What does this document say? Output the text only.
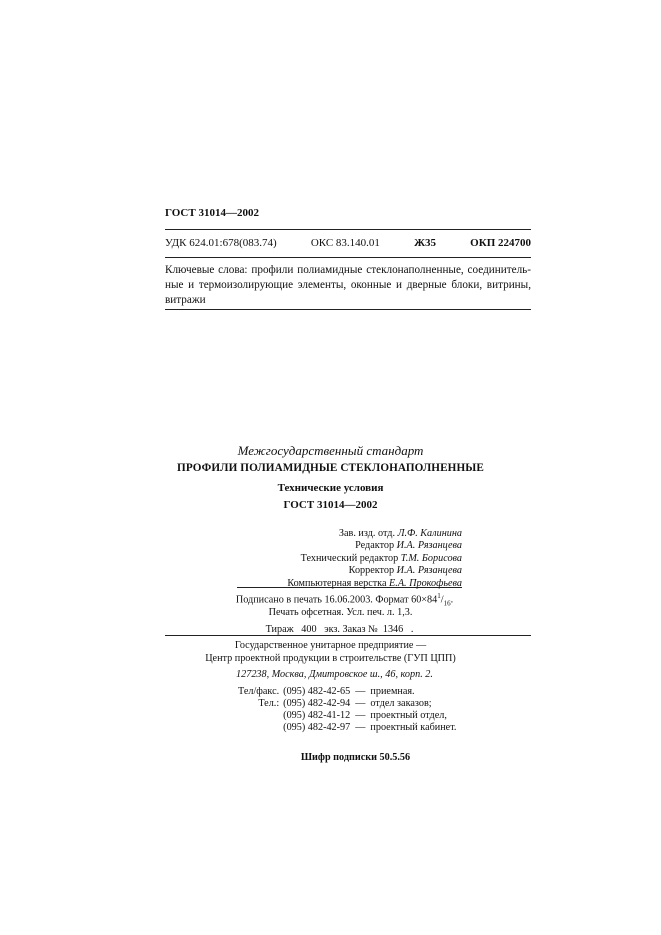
ГОСТ 31014—2002
УДК 624.01:678(083.74)	ОКС 83.140.01	Ж35	ОКП 224700
Ключевые слова: профили полиамидные стеклонаполненные, соединитель-ные и термоизолирующие элементы, оконные и дверные блоки, витрины, витражи
Межгосударственный стандарт
ПРОФИЛИ ПОЛИАМИДНЫЕ СТЕКЛОНАПОЛНЕННЫЕ
Технические условия
ГОСТ 31014—2002
Зав. изд. отд. Л.Ф. Калинина
Редактор И.А. Рязанцева
Технический редактор Т.М. Борисова
Корректор И.А. Рязанцева
Компьютерная верстка Е.А. Прокофьева
Подписано в печать 16.06.2003. Формат $60\times 84^1/_{16}$.
Печать офсетная. Усл. печ. л. 1,3.
Тираж 400 экз. Заказ № 1346 .
Государственное унитарное предприятие —
Центр проектной продукции в строительстве (ГУП ЦПП)
127238, Москва, Дмитровское ш., 46, корп. 2.
Тел/факс.	(095) 482-42-65	—	приемная.
Тел.:	(095) 482-42-94	—	отдел заказов;
	(095) 482-41-12	—	проектный отдел,
	(095) 482-42-97	—	проектный кабинет.
Шифр подписки 50.5.56
